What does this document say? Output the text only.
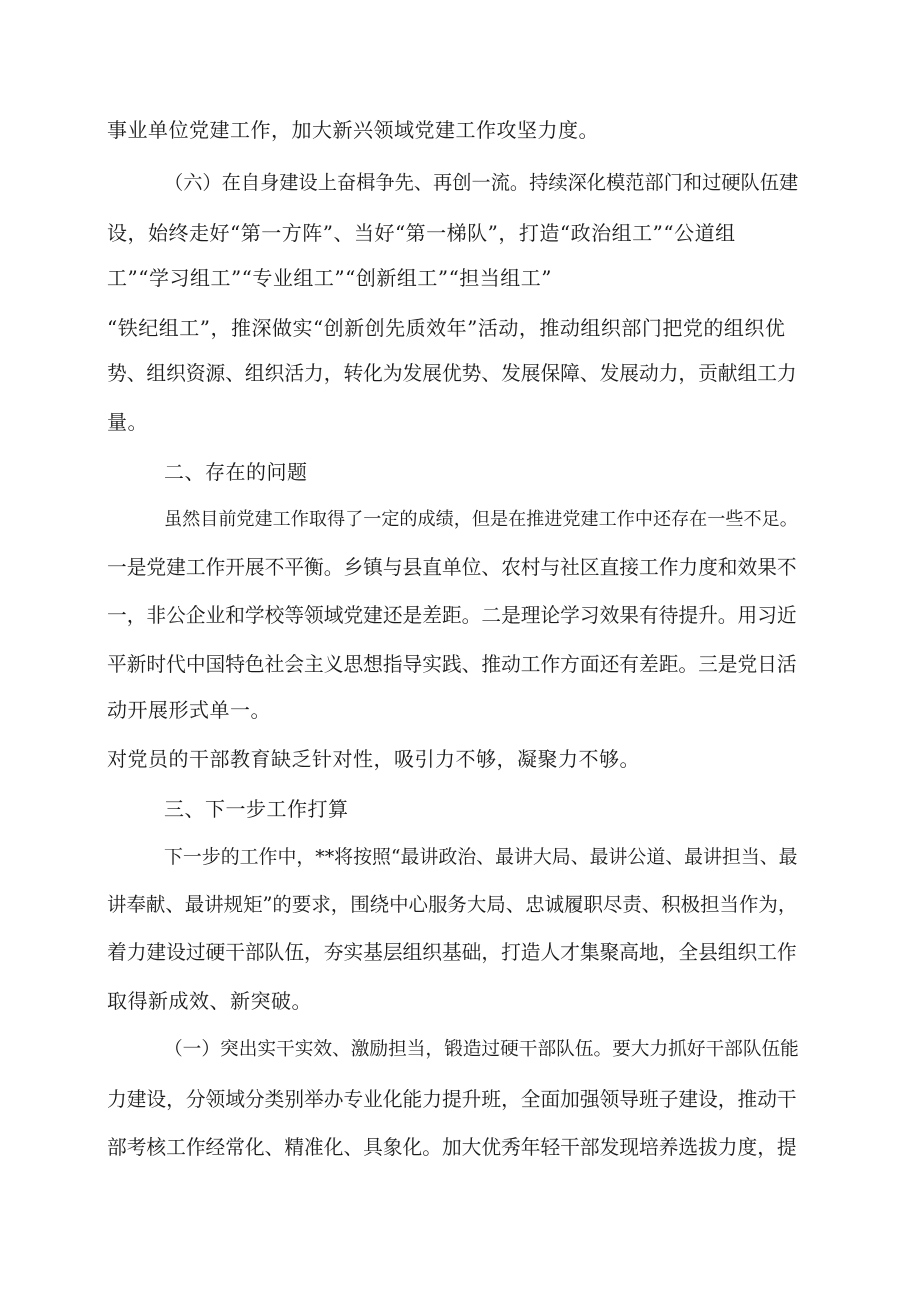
事业单位党建工作，加大新兴领域党建工作攻坚力度。
（六）在自身建设上奋楫争先、再创一流。持续深化模范部门和过硬队伍建
设，始终走好“第一方阵”、当好“第一梯队”，打造“政治组工”“公道组
工”“学习组工”“专业组工”“创新组工”“担当组工”
“铁纪组工”，推深做实“创新创先质效年”活动，推动组织部门把党的组织优
势、组织资源、组织活力，转化为发展优势、发展保障、发展动力，贡献组工力
量。
二、存在的问题
虽然目前党建工作取得了一定的成绩，但是在推进党建工作中还存在一些不足。
一是党建工作开展不平衡。乡镇与县直单位、农村与社区直接工作力度和效果不
一，非公企业和学校等领域党建还是差距。二是理论学习效果有待提升。用习近
平新时代中国特色社会主义思想指导实践、推动工作方面还有差距。三是党日活
动开展形式单一。
对党员的干部教育缺乏针对性，吸引力不够，凝聚力不够。
三、下一步工作打算
下一步的工作中，**将按照“最讲政治、最讲大局、最讲公道、最讲担当、最
讲奉献、最讲规矩”的要求，围绕中心服务大局、忠诚履职尽责、积极担当作为，
着力建设过硬干部队伍，夯实基层组织基础，打造人才集聚高地，全县组织工作
取得新成效、新突破。
（一）突出实干实效、激励担当，锻造过硬干部队伍。要大力抓好干部队伍能
力建设，分领域分类别举办专业化能力提升班，全面加强领导班子建设，推动干
部考核工作经常化、精准化、具象化。加大优秀年轻干部发现培养选拔力度，提
